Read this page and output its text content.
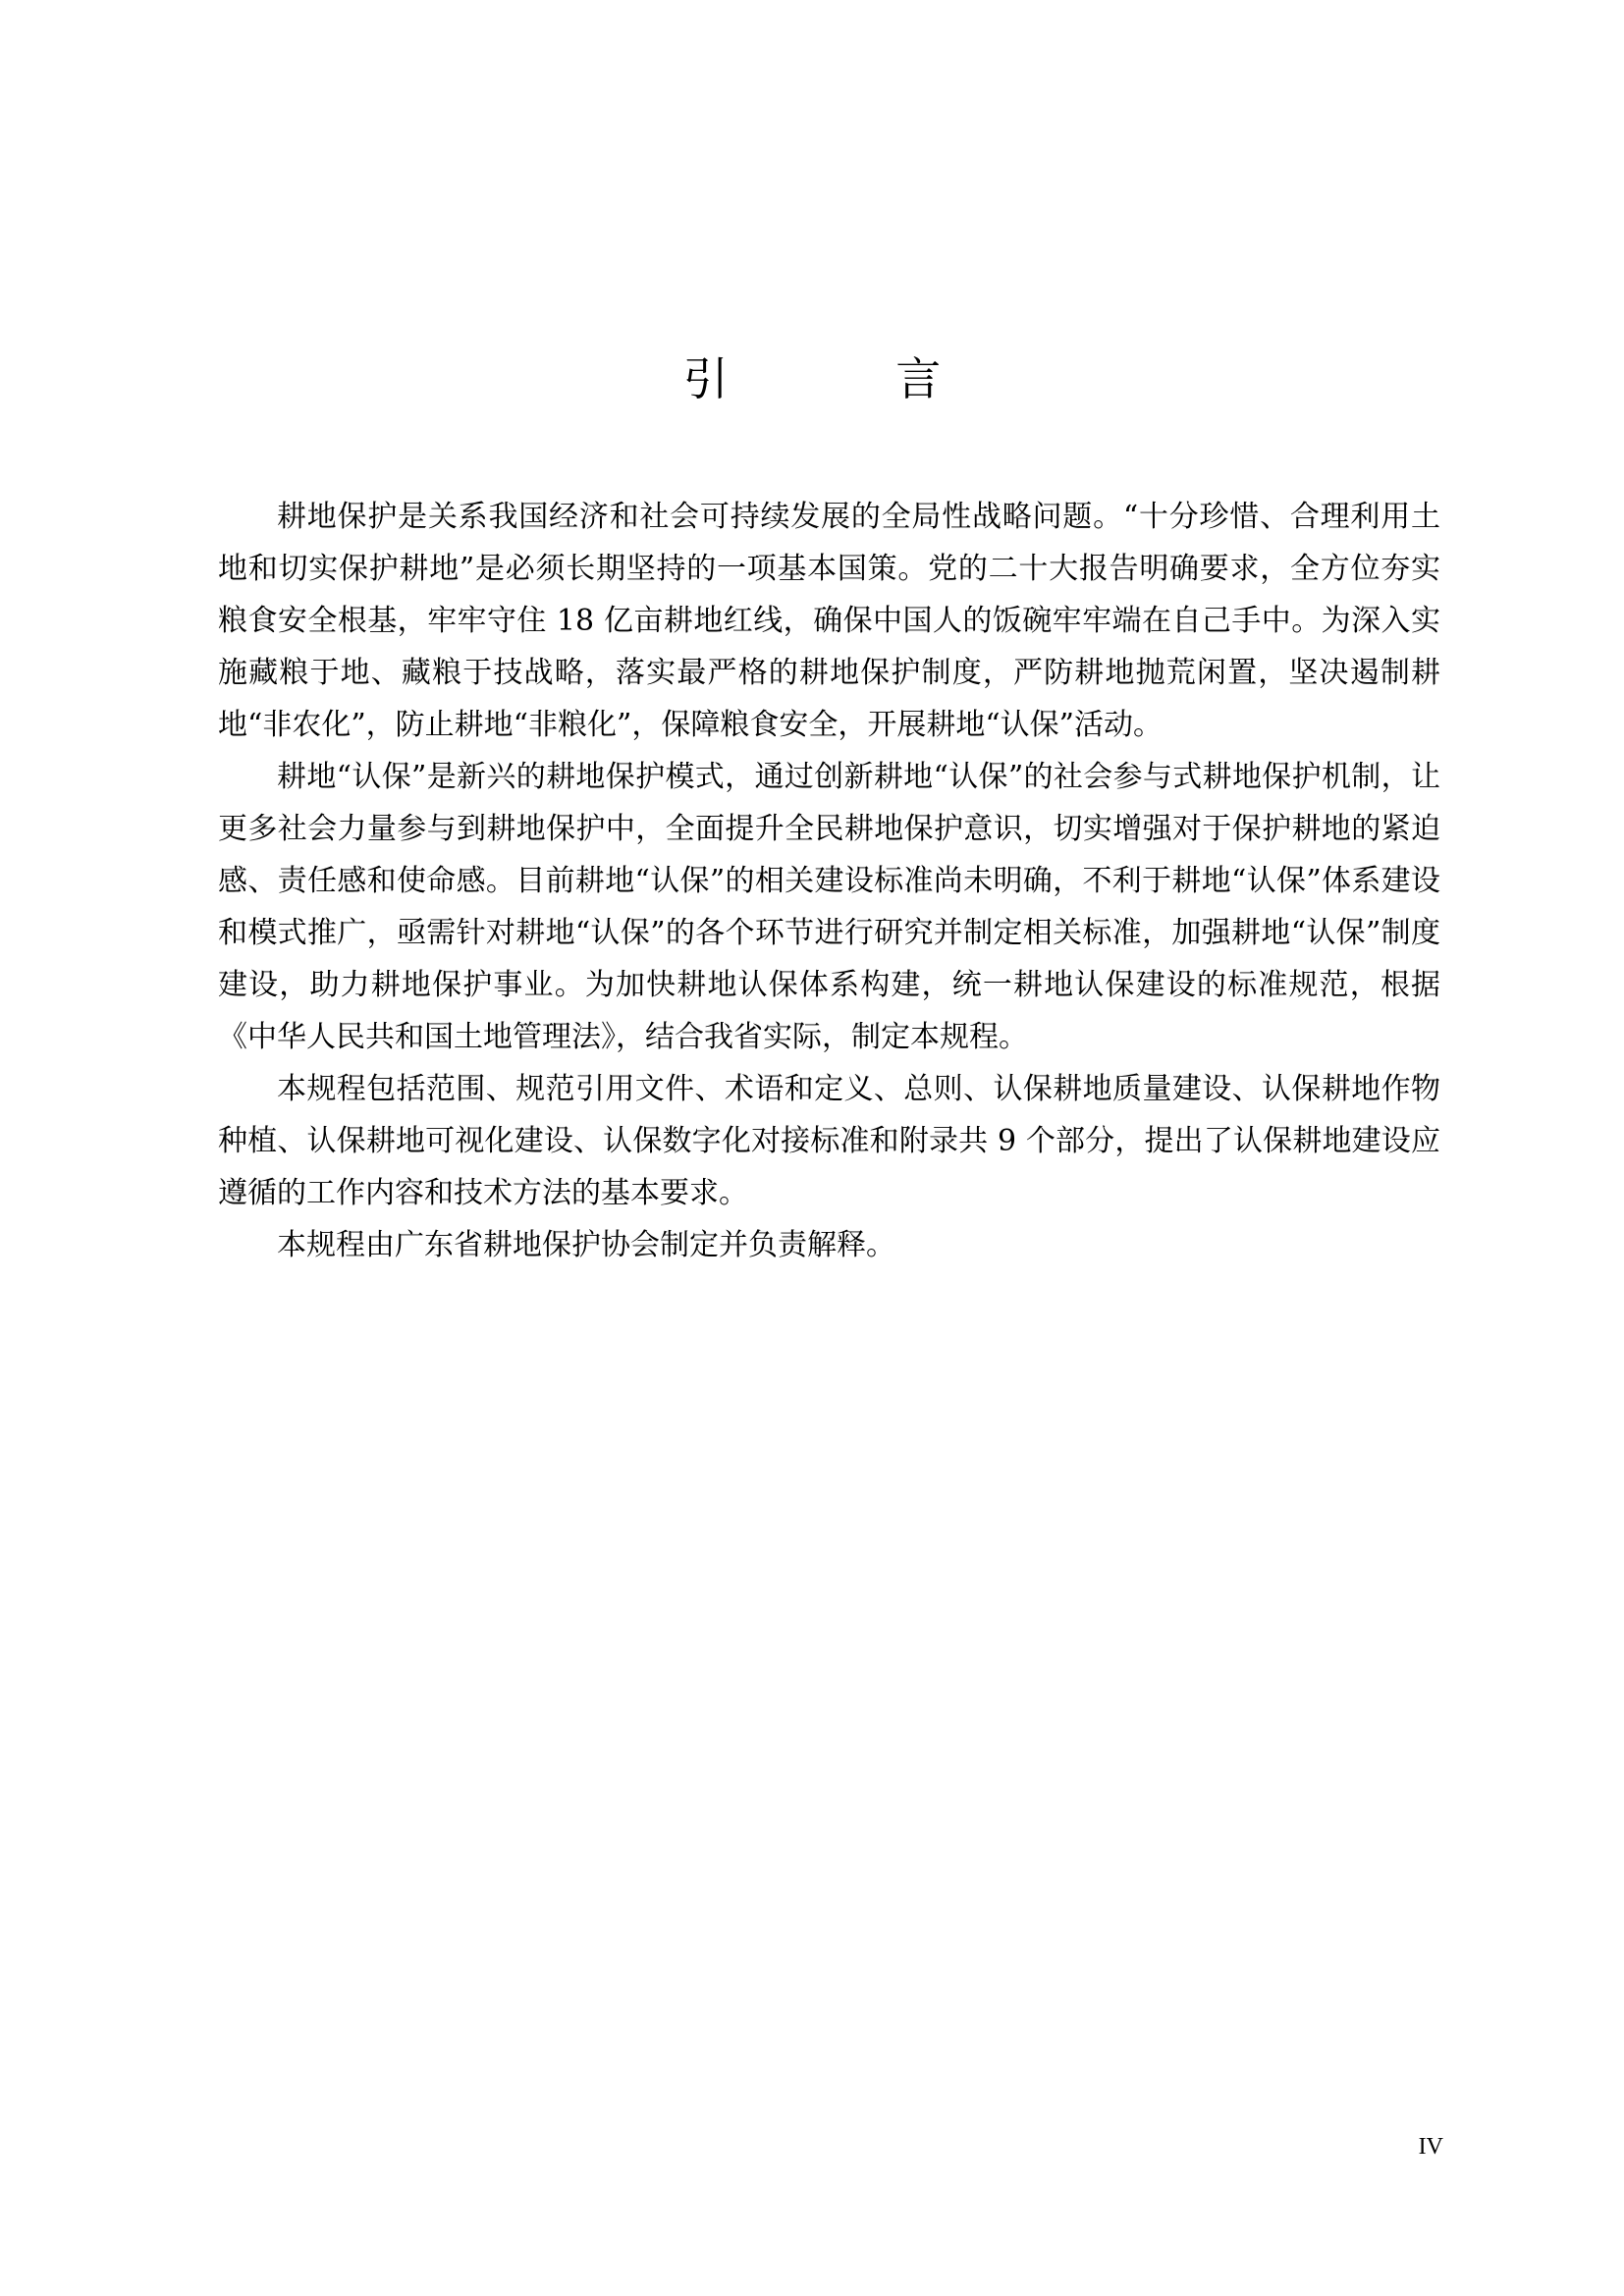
引 言

耕地保护是关系我国经济和社会可持续发展的全局性战略问题。“十分珍惜、合理利用土地和切实保护耕地”是必须长期坚持的一项基本国策。党的二十大报告明确要求，全方位夯实粮食安全根基，牢牢守住 18 亿亩耕地红线，确保中国人的饭碗牢牢端在自己手中。为深入实施藏粮于地、藏粮于技战略，落实最严格的耕地保护制度，严防耕地抛荒闲置，坚决遏制耕地“非农化”，防止耕地“非粮化”，保障粮食安全，开展耕地“认保”活动。

耕地“认保”是新兴的耕地保护模式，通过创新耕地“认保”的社会参与式耕地保护机制，让更多社会力量参与到耕地保护中，全面提升全民耕地保护意识，切实增强对于保护耕地的紧迫感、责任感和使命感。目前耕地“认保”的相关建设标准尚未明确，不利于耕地“认保”体系建设和模式推广，亟需针对耕地“认保”的各个环节进行研究并制定相关标准，加强耕地“认保”制度建设，助力耕地保护事业。为加快耕地认保体系构建，统一耕地认保建设的标准规范，根据《中华人民共和国土地管理法》，结合我省实际，制定本规程。

本规程包括范围、规范引用文件、术语和定义、总则、认保耕地质量建设、认保耕地作物种植、认保耕地可视化建设、认保数字化对接标准和附录共 9 个部分，提出了认保耕地建设应遵循的工作内容和技术方法的基本要求。

本规程由广东省耕地保护协会制定并负责解释。

IV
